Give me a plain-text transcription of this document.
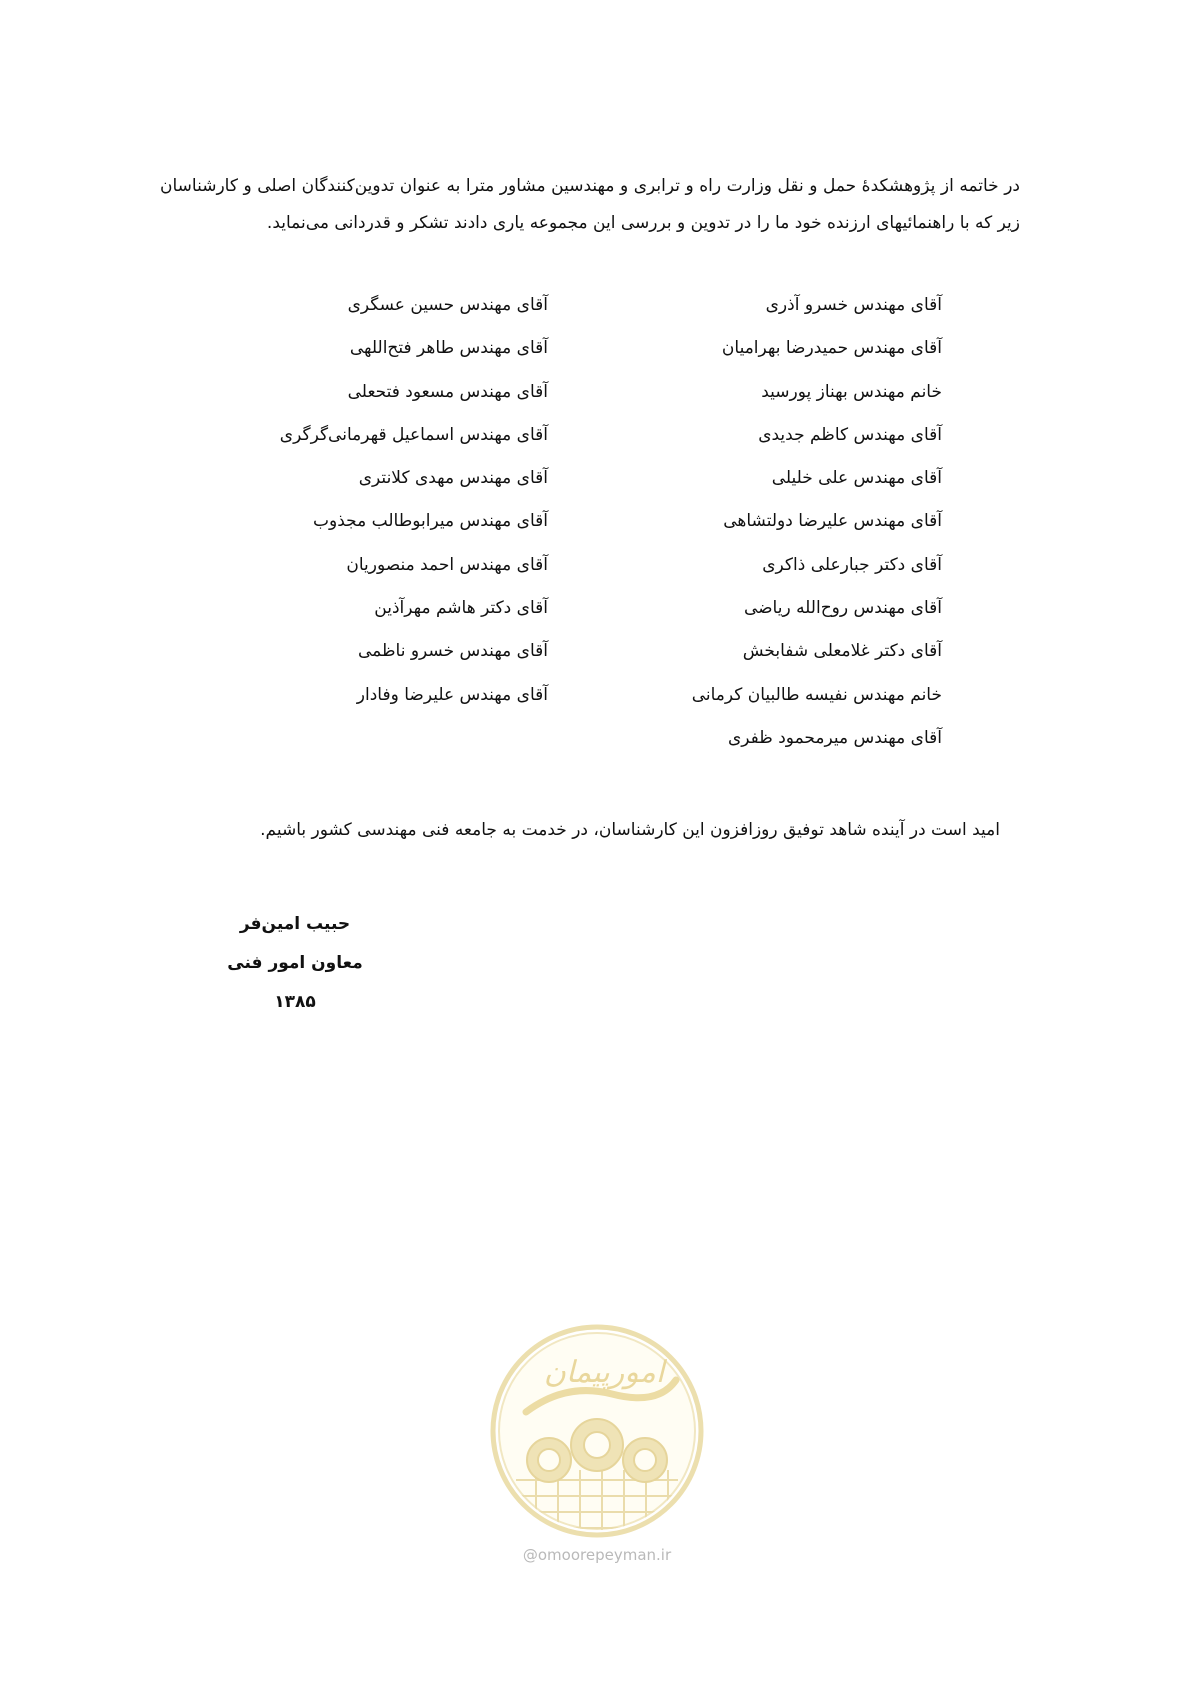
در خاتمه از پژوهشکدهٔ حمل و نقل وزارت راه و ترابری و مهندسین مشاور مترا به عنوان تدوین‌کنندگان اصلی و کارشناسان زیر که با راهنمائیهای ارزنده خود ما را در تدوین و بررسی این مجموعه یاری دادند تشکر و قدردانی می‌نماید.

آقای مهندس خسرو آذری
آقای مهندس حمیدرضا بهرامیان
خانم مهندس بهناز پورسید
آقای مهندس کاظم جدیدی
آقای مهندس علی خلیلی
آقای مهندس علیرضا دولتشاهی
آقای دکتر جبارعلی ذاکری
آقای مهندس روح‌الله ریاضی
آقای دکتر غلامعلی شفابخش
خانم مهندس نفیسه طالبیان کرمانی
آقای مهندس میرمحمود ظفری
آقای مهندس حسین عسگری
آقای مهندس طاهر فتح‌اللهی
آقای مهندس مسعود فتحعلی
آقای مهندس اسماعیل قهرمانی‌گرگری
آقای مهندس مهدی کلانتری
آقای مهندس میرابوطالب مجذوب
آقای مهندس احمد منصوریان
آقای دکتر هاشم مهرآذین
آقای مهندس خسرو ناظمی
آقای مهندس علیرضا وفادار

امید است در آینده شاهد توفیق روزافزون این کارشناسان، در خدمت به جامعه فنی مهندسی کشور باشیم.

حبیب امین‌فر
معاون امور فنی
۱۳۸۵
امورپیمان
@omoorepeyman.ir
